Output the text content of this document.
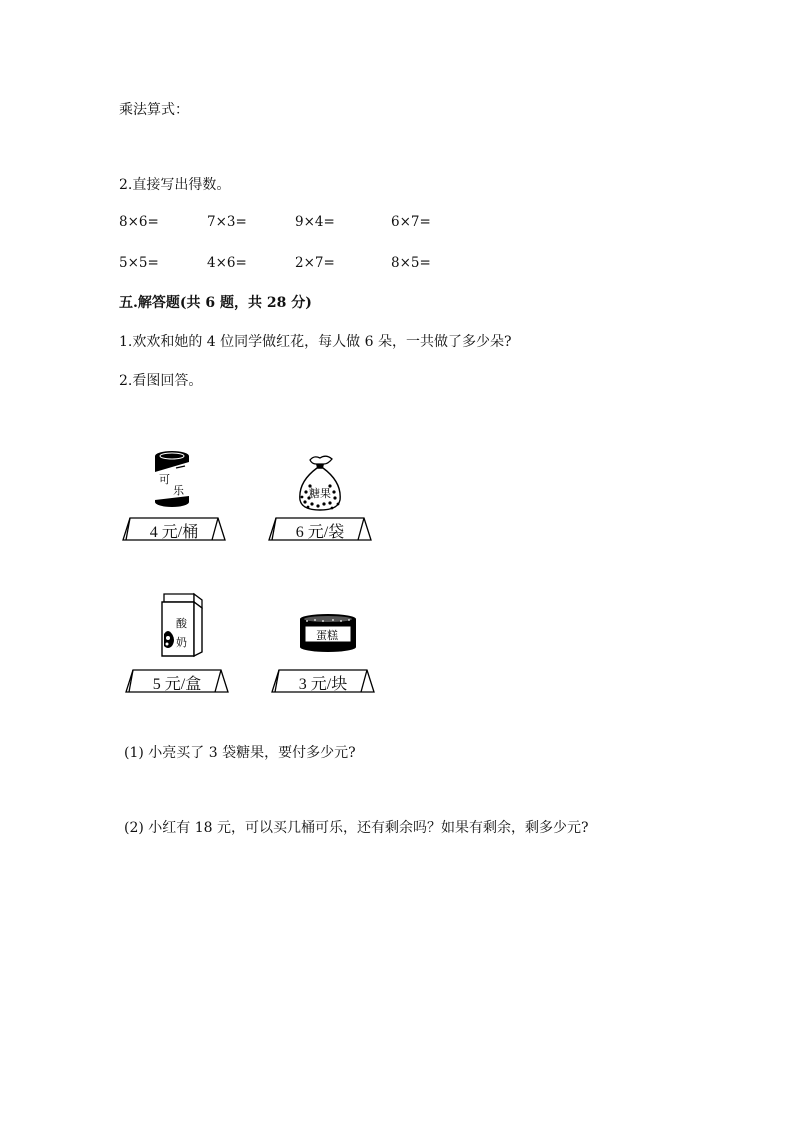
乘法算式：
2.直接写出得数。
8×6=	7×3=	9×4=	6×7=
5×5=	4×6=	2×7=	8×5=
五.解答题(共 6 题，共 28 分)
1.欢欢和她的 4 位同学做红花，每人做 6 朵，一共做了多少朵?
2.看图回答。
可
乐
4 元/桶
糖果
6 元/袋
酸
奶
5 元/盒
蛋糕
3 元/块
(1) 小亮买了 3 袋糖果，要付多少元?
(2) 小红有 18 元，可以买几桶可乐，还有剩余吗？如果有剩余，剩多少元?
